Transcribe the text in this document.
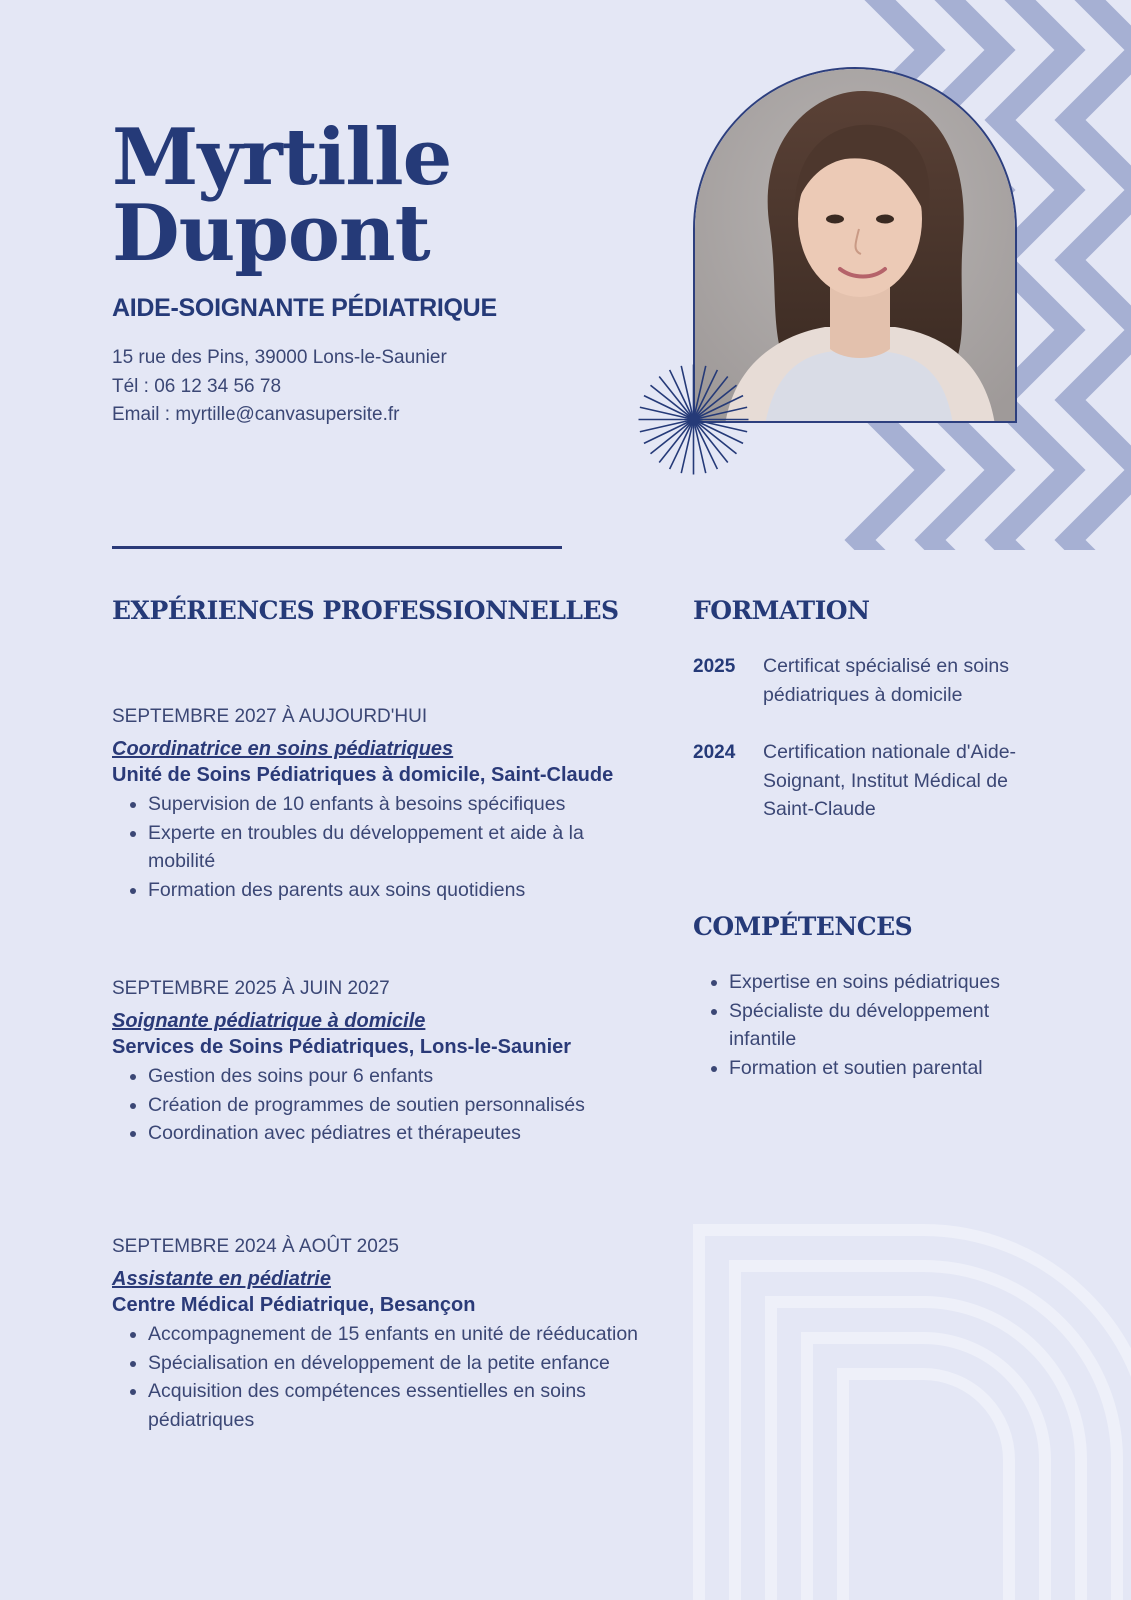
Myrtille
Dupont
AIDE-SOIGNANTE PÉDIATRIQUE
15 rue des Pins, 39000 Lons-le-Saunier
Tél : 06 12 34 56 78
Email : myrtille@canvasupersite.fr
EXPÉRIENCES PROFESSIONNELLES
SEPTEMBRE 2027 À AUJOURD'HUI
Coordinatrice en soins pédiatriques
Unité de Soins Pédiatriques à domicile, Saint-Claude
• Supervision de 10 enfants à besoins spécifiques
• Experte en troubles du développement et aide à la mobilité
• Formation des parents aux soins quotidiens
SEPTEMBRE 2025 À JUIN 2027
Soignante pédiatrique à domicile
Services de Soins Pédiatriques, Lons-le-Saunier
• Gestion des soins pour 6 enfants
• Création de programmes de soutien personnalisés
• Coordination avec pédiatres et thérapeutes
SEPTEMBRE 2024 À AOÛT 2025
Assistante en pédiatrie
Centre Médical Pédiatrique, Besançon
• Accompagnement de 15 enfants en unité de rééducation
• Spécialisation en développement de la petite enfance
• Acquisition des compétences essentielles en soins pédiatriques
FORMATION
2025	Certificat spécialisé en soins pédiatriques à domicile
2024	Certification nationale d'Aide-Soignant, Institut Médical de Saint-Claude
COMPÉTENCES
• Expertise en soins pédiatriques
• Spécialiste du développement infantile
• Formation et soutien parental
